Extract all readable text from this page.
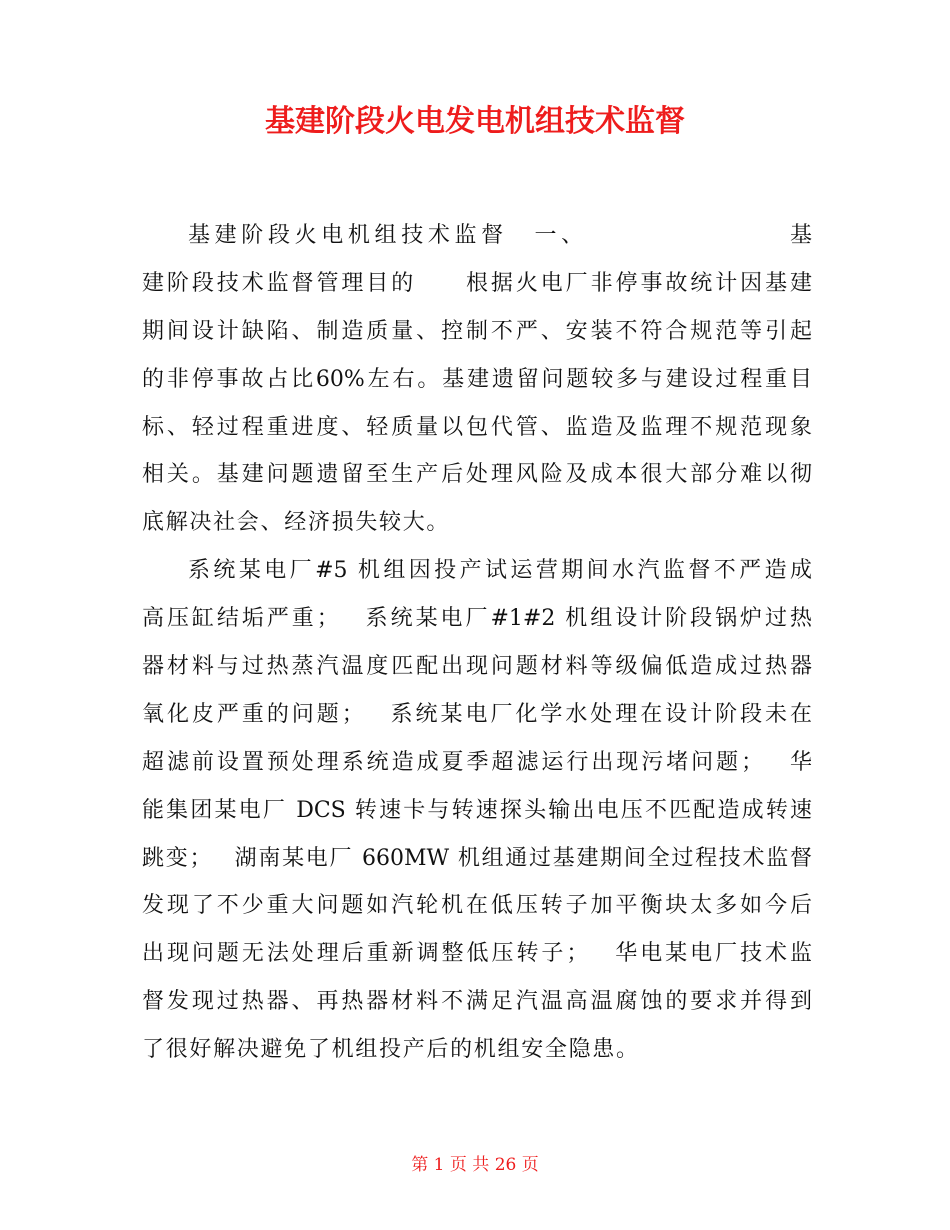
基建阶段火电发电机组技术监督
基建阶段火电机组技术监督　一、　　　　　　　　基
建阶段技术监督管理目的　　根据火电厂非停事故统计因基建
期间设计缺陷、制造质量、控制不严、安装不符合规范等引起
的非停事故占比60%左右。基建遗留问题较多与建设过程重目
标、轻过程重进度、轻质量以包代管、监造及监理不规范现象
相关。基建问题遗留至生产后处理风险及成本很大部分难以彻
底解决社会、经济损失较大。
系统某电厂#5 机组因投产试运营期间水汽监督不严造成
高压缸结垢严重；　 系统某电厂#1#2 机组设计阶段锅炉过热
器材料与过热蒸汽温度匹配出现问题材料等级偏低造成过热器
氧化皮严重的问题；　 系统某电厂化学水处理在设计阶段未在
超滤前设置预处理系统造成夏季超滤运行出现污堵问题；　 华
能集团某电厂 DCS 转速卡与转速探头输出电压不匹配造成转速
跳变；　 湖南某电厂 660MW 机组通过基建期间全过程技术监督
发现了不少重大问题如汽轮机在低压转子加平衡块太多如今后
出现问题无法处理后重新调整低压转子；　 华电某电厂技术监
督发现过热器、再热器材料不满足汽温高温腐蚀的要求并得到
了很好解决避免了机组投产后的机组安全隐患。
第 1 页 共 26 页
